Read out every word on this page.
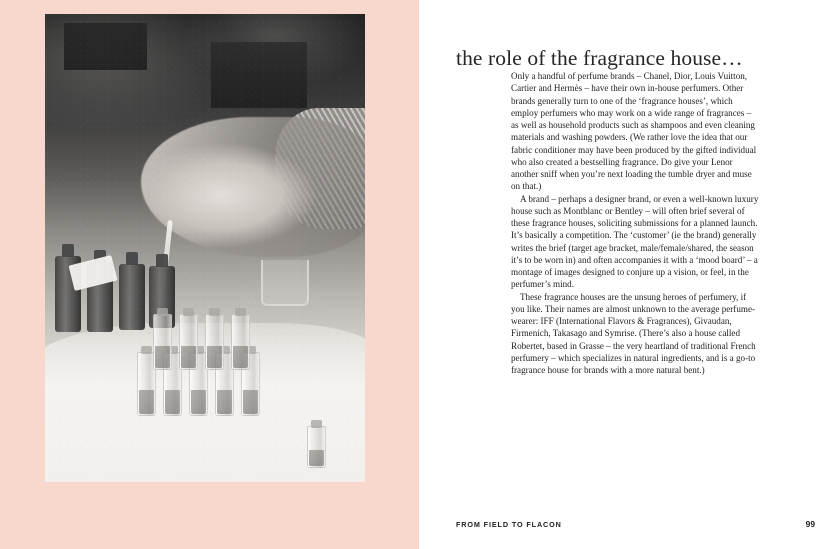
the role of the fragrance house…

Only a handful of perfume brands – Chanel, Dior, Louis Vuitton, Cartier and Hermès – have their own in-house perfumers. Other brands generally turn to one of the ‘fragrance houses’, which employ perfumers who may work on a wide range of fragrances – as well as household products such as shampoos and even cleaning materials and washing powders. (We rather love the idea that our fabric conditioner may have been produced by the gifted individual who also created a bestselling fragrance. Do give your Lenor another sniff when you’re next loading the tumble dryer and muse on that.)

A brand – perhaps a designer brand, or even a well-known luxury house such as Montblanc or Bentley – will often brief several of these fragrance houses, soliciting submissions for a planned launch. It’s basically a competition. The ‘customer’ (ie the brand) generally writes the brief (target age bracket, male/female/shared, the season it’s to be worn in) and often accompanies it with a ‘mood board’ – a montage of images designed to conjure up a vision, or feel, in the perfumer’s mind.

These fragrance houses are the unsung heroes of perfumery, if you like. Their names are almost unknown to the average perfume-wearer: IFF (International Flavors & Fragrances), Givaudan, Firmenich, Takasago and Symrise. (There’s also a house called Robertet, based in Grasse – the very heartland of traditional French perfumery – which specializes in natural ingredients, and is a go-to fragrance house for brands with a more natural bent.)

FROM FIELD TO FLACON	99
